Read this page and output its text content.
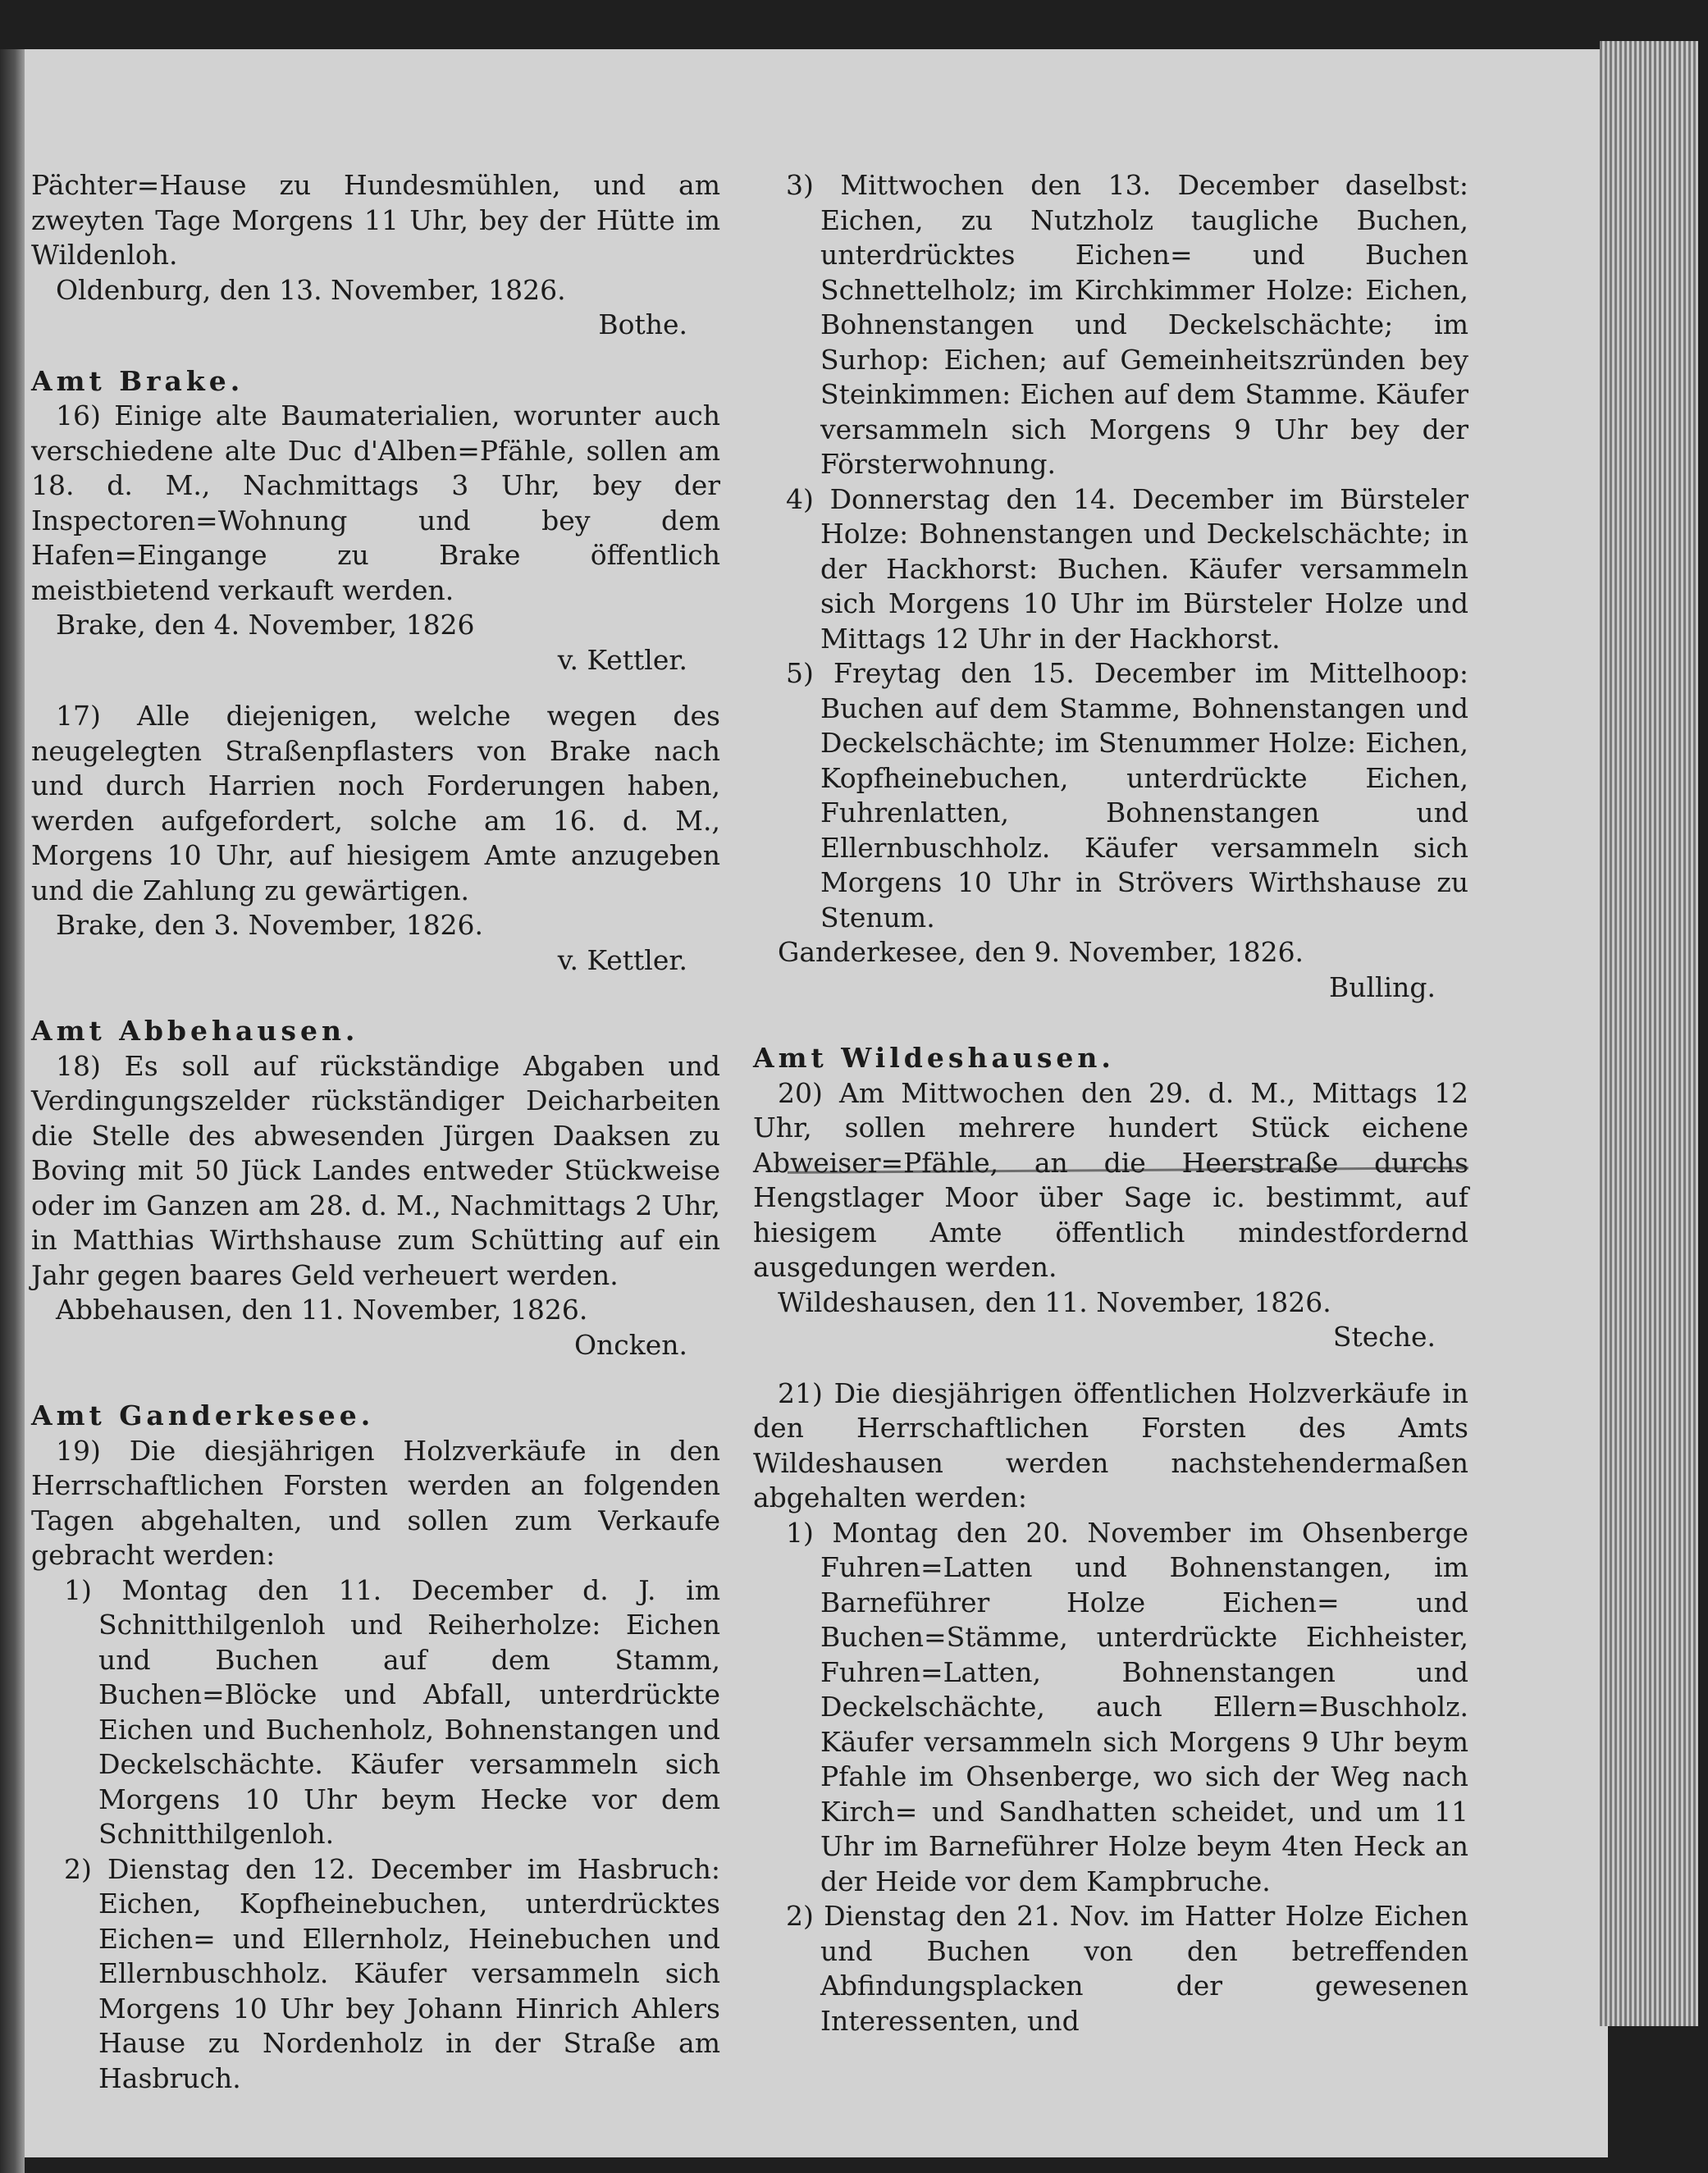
Pächter=Hause zu Hundesmühlen, und am zweyten Tage Morgens 11 Uhr, bey der Hütte im Wildenloh.

Oldenburg, den 13. November, 1826.

Bothe.

Amt Brake.

16) Einige alte Baumaterialien, worunter auch verschiedene alte Duc d'Alben=Pfähle, sollen am 18. d. M., Nachmittags 3 Uhr, bey der Inspectoren=Wohnung und bey dem Hafen=Eingange zu Brake öffentlich meistbietend verkauft werden.

Brake, den 4. November, 1826

v. Kettler.

17) Alle diejenigen, welche wegen des neugelegten Straßenpflasters von Brake nach und durch Harrien noch Forderungen haben, werden aufgefordert, solche am 16. d. M., Morgens 10 Uhr, auf hiesigem Amte anzugeben und die Zahlung zu gewärtigen.

Brake, den 3. November, 1826.

v. Kettler.

Amt Abbehausen.

18) Es soll auf rückständige Abgaben und Verdingungszelder rückständiger Deicharbeiten die Stelle des abwesenden Jürgen Daaksen zu Boving mit 50 Jück Landes entweder Stückweise oder im Ganzen am 28. d. M., Nachmittags 2 Uhr, in Matthias Wirthshause zum Schütting auf ein Jahr gegen baares Geld verheuert werden.

Abbehausen, den 11. November, 1826.

Oncken.

Amt Ganderkesee.

19) Die diesjährigen Holzverkäufe in den Herrschaftlichen Forsten werden an folgenden Tagen abgehalten, und sollen zum Verkaufe gebracht werden:

1) Montag den 11. December d. J. im Schnitthilgenloh und Reiherholze: Eichen und Buchen auf dem Stamm, Buchen=Blöcke und Abfall, unterdrückte Eichen und Buchenholz, Bohnenstangen und Deckelschächte. Käufer versammeln sich Morgens 10 Uhr beym Hecke vor dem Schnitthilgenloh.

2) Dienstag den 12. December im Hasbruch: Eichen, Kopfheinebuchen, unterdrücktes Eichen= und Ellernholz, Heinebuchen und Ellernbuschholz. Käufer versammeln sich Morgens 10 Uhr bey Johann Hinrich Ahlers Hause zu Nordenholz in der Straße am Hasbruch.

3) Mittwochen den 13. December daselbst: Eichen, zu Nutzholz taugliche Buchen, unterdrücktes Eichen= und Buchen Schnettelholz; im Kirchkimmer Holze: Eichen, Bohnenstangen und Deckelschächte; im Surhop: Eichen; auf Gemeinheitszründen bey Steinkimmen: Eichen auf dem Stamme. Käufer versammeln sich Morgens 9 Uhr bey der Försterwohnung.

4) Donnerstag den 14. December im Bürsteler Holze: Bohnenstangen und Deckelschächte; in der Hackhorst: Buchen. Käufer versammeln sich Morgens 10 Uhr im Bürsteler Holze und Mittags 12 Uhr in der Hackhorst.

5) Freytag den 15. December im Mittelhoop: Buchen auf dem Stamme, Bohnenstangen und Deckelschächte; im Stenummer Holze: Eichen, Kopfheinebuchen, unterdrückte Eichen, Fuhrenlatten, Bohnenstangen und Ellernbuschholz. Käufer versammeln sich Morgens 10 Uhr in Strövers Wirthshause zu Stenum.

Ganderkesee, den 9. November, 1826.

Bulling.

Amt Wildeshausen.

20) Am Mittwochen den 29. d. M., Mittags 12 Uhr, sollen mehrere hundert Stück eichene Abweiser=Pfähle, an die Heerstraße durchs Hengstlager Moor über Sage ic. bestimmt, auf hiesigem Amte öffentlich mindestfordernd ausgedungen werden.

Wildeshausen, den 11. November, 1826.

Steche.

21) Die diesjährigen öffentlichen Holzverkäufe in den Herrschaftlichen Forsten des Amts Wildeshausen werden nachstehendermaßen abgehalten werden:

1) Montag den 20. November im Ohsenberge Fuhren=Latten und Bohnenstangen, im Barneführer Holze Eichen= und Buchen=Stämme, unterdrückte Eichheister, Fuhren=Latten, Bohnenstangen und Deckelschächte, auch Ellern=Buschholz. Käufer versammeln sich Morgens 9 Uhr beym Pfahle im Ohsenberge, wo sich der Weg nach Kirch= und Sandhatten scheidet, und um 11 Uhr im Barneführer Holze beym 4ten Heck an der Heide vor dem Kampbruche.

2) Dienstag den 21. Nov. im Hatter Holze Eichen und Buchen von den betreffenden Abfindungsplacken der gewesenen Interessenten, und
